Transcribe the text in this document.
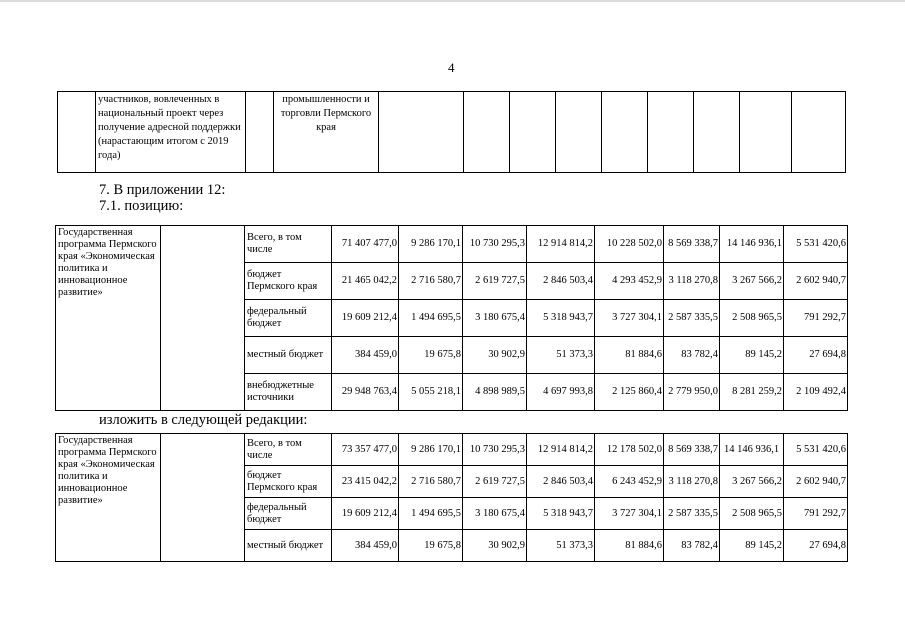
4
	участников, вовлеченных в национальный проект через получение адресной поддержки (нарастающим итогом с 2019 года)		промышленности и торговли Пермского края									
7. В приложении 12:
7.1. позицию:
Государственная программа Пермского края «Экономическая политика и инновационное развитие»		Всего, в том числе	71 407 477,0	9 286 170,1	10 730 295,3	12 914 814,2	10 228 502,0	8 569 338,7	14 146 936,1	5 531 420,6
		бюджет Пермского края	21 465 042,2	2 716 580,7	2 619 727,5	2 846 503,4	4 293 452,9	3 118 270,8	3 267 566,2	2 602 940,7
		федеральный бюджет	19 609 212,4	1 494 695,5	3 180 675,4	5 318 943,7	3 727 304,1	2 587 335,5	2 508 965,5	791 292,7
		местный бюджет	384 459,0	19 675,8	30 902,9	51 373,3	81 884,6	83 782,4	89 145,2	27 694,8
		внебюджетные источники	29 948 763,4	5 055 218,1	4 898 989,5	4 697 993,8	2 125 860,4	2 779 950,0	8 281 259,2	2 109 492,4
изложить в следующей редакции:
Государственная программа Пермского края «Экономическая политика и инновационное развитие»		Всего, в том числе	73 357 477,0	9 286 170,1	10 730 295,3	12 914 814,2	12 178 502,0	8 569 338,7	14 146 936,1	5 531 420,6
		бюджет Пермского края	23 415 042,2	2 716 580,7	2 619 727,5	2 846 503,4	6 243 452,9	3 118 270,8	3 267 566,2	2 602 940,7
		федеральный бюджет	19 609 212,4	1 494 695,5	3 180 675,4	5 318 943,7	3 727 304,1	2 587 335,5	2 508 965,5	791 292,7
		местный бюджет	384 459,0	19 675,8	30 902,9	51 373,3	81 884,6	83 782,4	89 145,2	27 694,8
